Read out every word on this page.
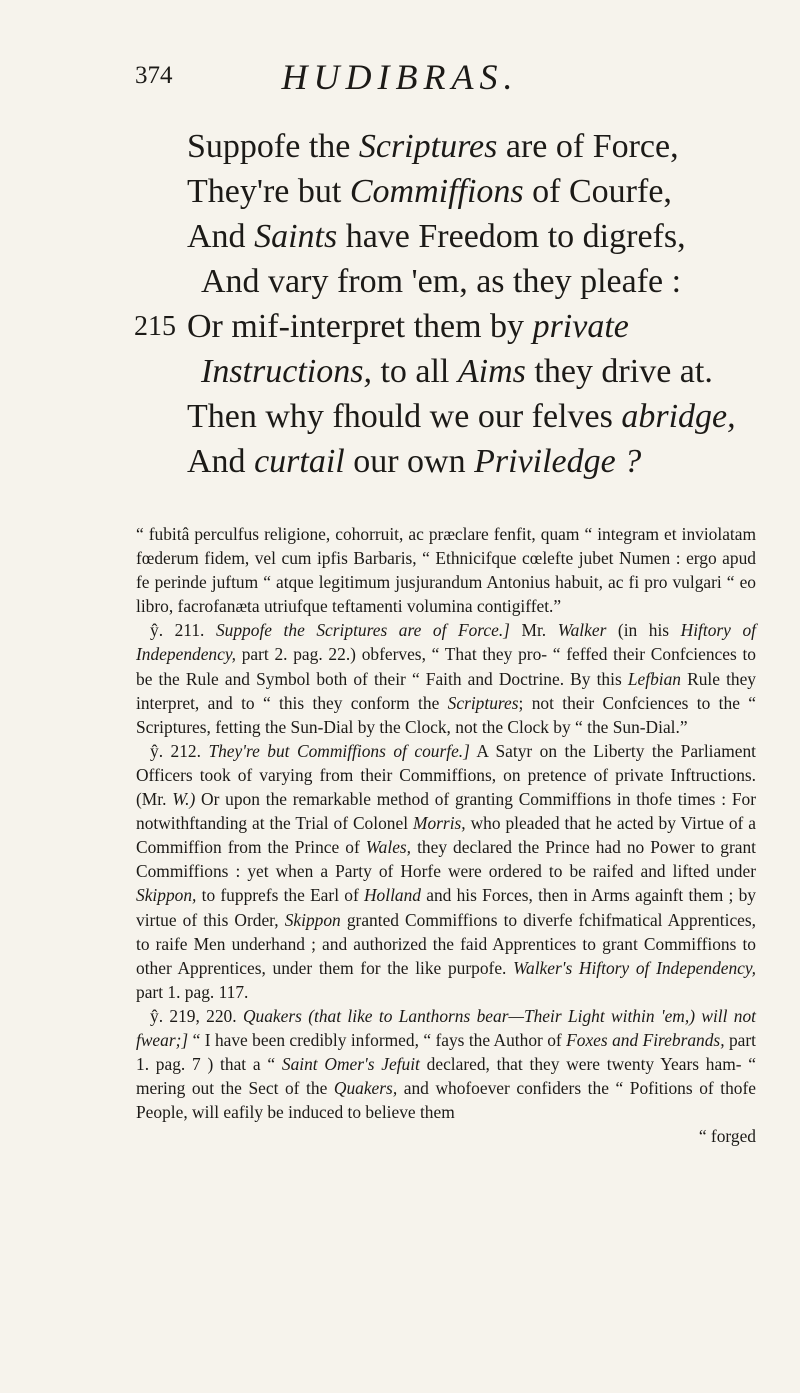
374	HUDIBRAS.
Suppofe the Scriptures are of Force,
They're but Commiffions of Courfe,
And Saints have Freedom to digrefs,
And vary from 'em, as they pleafe :
215 Or mif-interpret them by private
Instructions, to all Aims they drive at.
Then why fhould we our felves abridge,
And curtail our own Priviledge ?

“ fubitâ perculfus religione, cohorruit, ac præclare fenfit, quam “ integram et inviolatam fœderum fidem, vel cum ipfis Barbaris, “ Ethnicifque cœlefte jubet Numen : ergo apud fe perinde juftum “ atque legitimum jusjurandum Antonius habuit, ac fi pro vulgari “ eo libro, facrofanæta utriufque teftamenti volumina contigiffet.”

ŷ. 211. Suppofe the Scriptures are of Force.] Mr. Walker (in his Hiftory of Independency, part 2. pag. 22.) obferves, “ That they pro- “ feffed their Confciences to be the Rule and Symbol both of their “ Faith and Doctrine. By this Lefbian Rule they interpret, and to “ this they conform the Scriptures; not their Confciences to the “ Scriptures, fetting the Sun-Dial by the Clock, not the Clock by “ the Sun-Dial.”

ŷ. 212. They're but Commiffions of courfe.] A Satyr on the Liberty the Parliament Officers took of varying from their Commiffions, on pretence of private Inftructions. (Mr. W.) Or upon the remarkable method of granting Commiffions in thofe times : For notwithftanding at the Trial of Colonel Morris, who pleaded that he acted by Virtue of a Commiffion from the Prince of Wales, they declared the Prince had no Power to grant Commiffions : yet when a Party of Horfe were ordered to be raifed and lifted under Skippon, to fupprefs the Earl of Holland and his Forces, then in Arms againft them ; by virtue of this Order, Skippon granted Commiffions to diverfe fchifmatical Apprentices, to raife Men underhand ; and authorized the faid Apprentices to grant Commiffions to other Apprentices, under them for the like purpofe. Walker's Hiftory of Independency, part 1. pag. 117.

ŷ. 219, 220. Quakers (that like to Lanthorns bear—Their Light within 'em,) will not fwear;] “ I have been credibly informed, “ fays the Author of Foxes and Firebrands, part 1. pag. 7 ) that a “ Saint Omer's Jefuit declared, that they were twenty Years ham- “ mering out the Sect of the Quakers, and whofoever confiders the “ Pofitions of thofe People, will eafily be induced to believe them

“ forged
